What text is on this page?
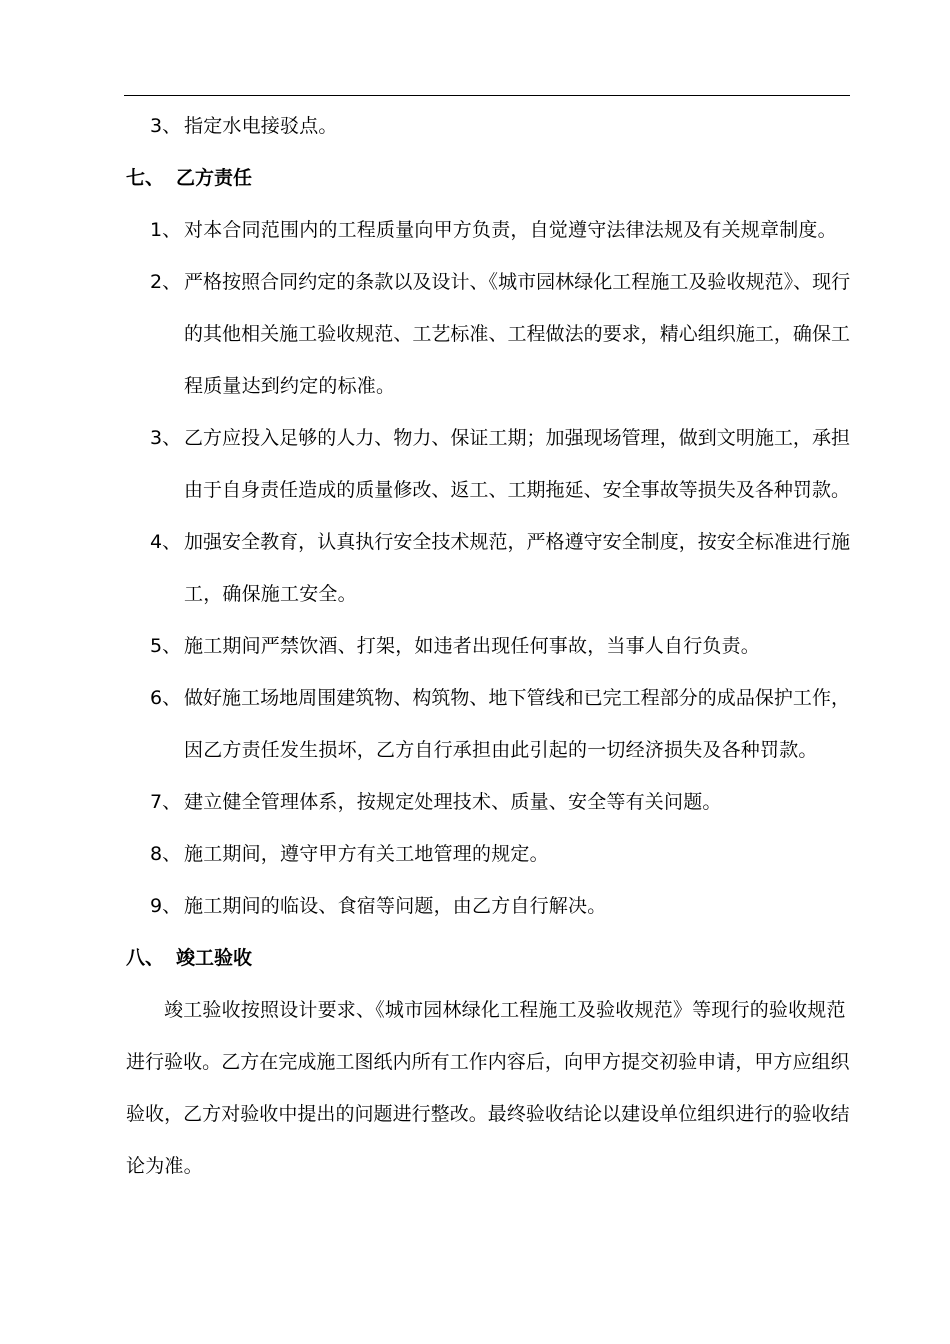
3、 指定水电接驳点。
七、 乙方责任
1、 对本合同范围内的工程质量向甲方负责，自觉遵守法律法规及有关规章制度。
2、 严格按照合同约定的条款以及设计、《城市园林绿化工程施工及验收规范》、现行
的其他相关施工验收规范、工艺标准、工程做法的要求，精心组织施工，确保工
程质量达到约定的标准。
3、 乙方应投入足够的人力、物力、保证工期；加强现场管理，做到文明施工，承担
由于自身责任造成的质量修改、返工、工期拖延、安全事故等损失及各种罚款。
4、 加强安全教育，认真执行安全技术规范，严格遵守安全制度，按安全标准进行施
工，确保施工安全。
5、 施工期间严禁饮酒、打架，如违者出现任何事故，当事人自行负责。
6、 做好施工场地周围建筑物、构筑物、地下管线和已完工程部分的成品保护工作，
因乙方责任发生损坏，乙方自行承担由此引起的一切经济损失及各种罚款。
7、 建立健全管理体系，按规定处理技术、质量、安全等有关问题。
8、 施工期间，遵守甲方有关工地管理的规定。
9、 施工期间的临设、食宿等问题，由乙方自行解决。
八、 竣工验收
竣工验收按照设计要求、《城市园林绿化工程施工及验收规范》等现行的验收规范
进行验收。乙方在完成施工图纸内所有工作内容后，向甲方提交初验申请，甲方应组织
验收，乙方对验收中提出的问题进行整改。最终验收结论以建设单位组织进行的验收结
论为准。
